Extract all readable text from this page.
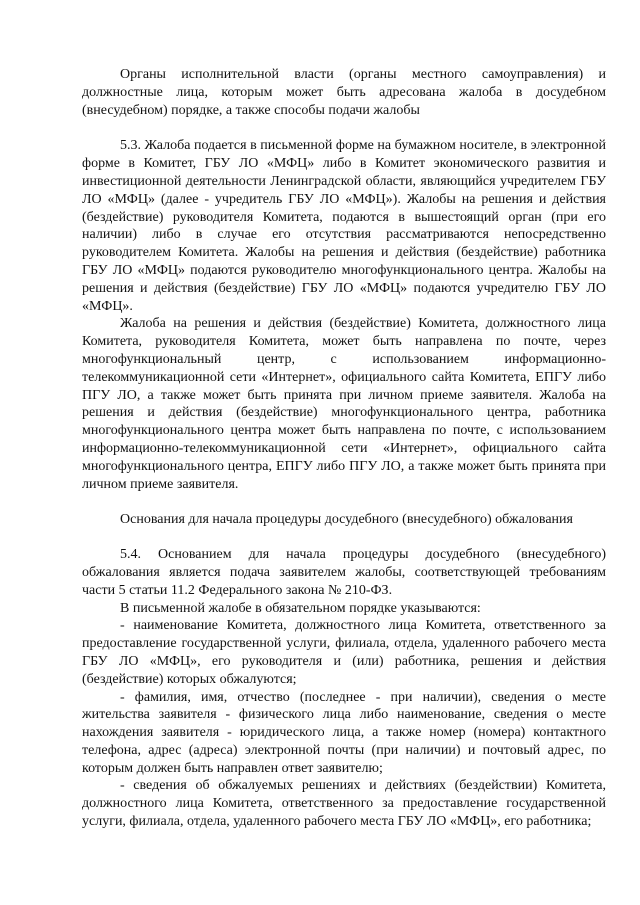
Органы исполнительной власти (органы местного самоуправления) и должностные лица, которым может быть адресована жалоба в досудебном (внесудебном) порядке, а также способы подачи жалобы

5.3. Жалоба подается в письменной форме на бумажном носителе, в электронной форме в Комитет, ГБУ ЛО «МФЦ» либо в Комитет экономического развития и инвестиционной деятельности Ленинградской области, являющийся учредителем ГБУ ЛО «МФЦ» (далее - учредитель ГБУ ЛО «МФЦ»). Жалобы на решения и действия (бездействие) руководителя Комитета, подаются в вышестоящий орган (при его наличии) либо в случае его отсутствия рассматриваются непосредственно руководителем Комитета. Жалобы на решения и действия (бездействие) работника ГБУ ЛО «МФЦ» подаются руководителю многофункционального центра. Жалобы на решения и действия (бездействие) ГБУ ЛО «МФЦ» подаются учредителю ГБУ ЛО «МФЦ».

Жалоба на решения и действия (бездействие) Комитета, должностного лица Комитета, руководителя Комитета, может быть направлена по почте, через многофункциональный центр, с использованием информационно-телекоммуникационной сети «Интернет», официального сайта Комитета, ЕПГУ либо ПГУ ЛО, а также может быть принята при личном приеме заявителя. Жалоба на решения и действия (бездействие) многофункционального центра, работника многофункционального центра может быть направлена по почте, с использованием информационно-телекоммуникационной сети «Интернет», официального сайта многофункционального центра, ЕПГУ либо ПГУ ЛО, а также может быть принята при личном приеме заявителя.

Основания для начала процедуры досудебного (внесудебного) обжалования

5.4. Основанием для начала процедуры досудебного (внесудебного) обжалования является подача заявителем жалобы, соответствующей требованиям части 5 статьи 11.2 Федерального закона № 210-ФЗ.

В письменной жалобе в обязательном порядке указываются:

- наименование Комитета, должностного лица Комитета, ответственного за предоставление государственной услуги, филиала, отдела, удаленного рабочего места ГБУ ЛО «МФЦ», его руководителя и (или) работника, решения и действия (бездействие) которых обжалуются;

- фамилия, имя, отчество (последнее - при наличии), сведения о месте жительства заявителя - физического лица либо наименование, сведения о месте нахождения заявителя - юридического лица, а также номер (номера) контактного телефона, адрес (адреса) электронной почты (при наличии) и почтовый адрес, по которым должен быть направлен ответ заявителю;

- сведения об обжалуемых решениях и действиях (бездействии) Комитета, должностного лица Комитета, ответственного за предоставление государственной услуги, филиала, отдела, удаленного рабочего места ГБУ ЛО «МФЦ», его работника;
